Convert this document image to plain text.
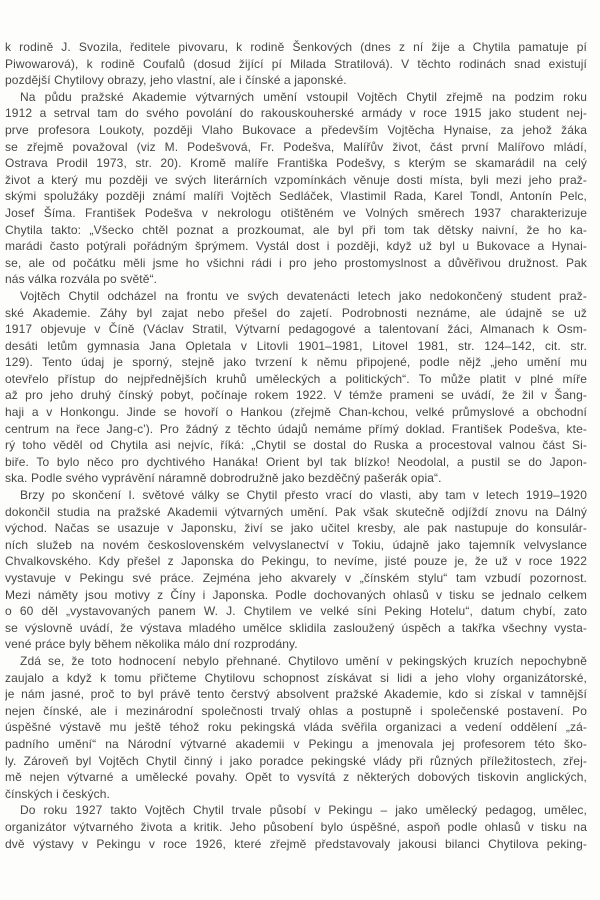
k rodině J. Svozila, ředitele pivovaru, k rodině Šenkových (dnes z ní žije a Chytila pamatuje pí
Piwowarová), k rodině Coufalů (dosud žijící pí Milada Stratilová). V těchto rodinách snad existují
pozdější Chytilovy obrazy, jeho vlastní, ale i čínské a japonské.
Na půdu pražské Akademie výtvarných umění vstoupil Vojtěch Chytil zřejmě na podzim roku
1912 a setrval tam do svého povolání do rakouskouherské armády v roce 1915 jako student nej-
prve profesora Loukoty, později Vlaho Bukovace a především Vojtěcha Hynaise, za jehož žáka
se zřejmě považoval (viz M. Podešvová, Fr. Podešva, Malířův život, část první Malířovo mládí,
Ostrava Prodil 1973, str. 20). Kromě malíře Františka Podešvy, s kterým se skamarádil na celý
život a který mu později ve svých literárních vzpomínkách věnuje dosti místa, byli mezi jeho praž-
skými spolužáky později známí malíři Vojtěch Sedláček, Vlastimil Rada, Karel Tondl, Antonín Pelc,
Josef Šíma. František Podešva v nekrologu otištěném ve Volných směrech 1937 charakterizuje
Chytila takto: „Všecko chtěl poznat a prozkoumat, ale byl při tom tak dětsky naivní, že ho ka-
marádi často potýrali pořádným šprýmem. Vystál dost i později, když už byl u Bukovace a Hynai-
se, ale od počátku měli jsme ho všichni rádi i pro jeho prostomyslnost a důvěřivou družnost. Pak
nás válka rozvála po světě“.
Vojtěch Chytil odcházel na frontu ve svých devatenácti letech jako nedokončený student praž-
ské Akademie. Záhy byl zajat nebo přešel do zajetí. Podrobnosti neznáme, ale údajně se už
1917 objevuje v Číně (Václav Stratil, Výtvarní pedagogové a talentovaní žáci, Almanach k Osm-
desáti letům gymnasia Jana Opletala v Litovli 1901–1981, Litovel 1981, str. 124–142, cit. str.
129). Tento údaj je sporný, stejně jako tvrzení k němu připojené, podle nějž „jeho umění mu
otevřelo přístup do nejpřednějších kruhů uměleckých a politických“. To může platit v plné míře
až pro jeho druhý čínský pobyt, počínaje rokem 1922. V témže prameni se uvádí, že žil v Šang-
haji a v Honkongu. Jinde se hovoří o Hankou (zřejmě Chan-kchou, velké průmyslové a obchodní
centrum na řece Jang-c'). Pro žádný z těchto údajů nemáme přímý doklad. František Podešva, kte-
rý toho věděl od Chytila asi nejvíc, říká: „Chytil se dostal do Ruska a procestoval valnou část Si-
biře. To bylo něco pro dychtivého Hanáka! Orient byl tak blízko! Neodolal, a pustil se do Japon-
ska. Podle svého vyprávění náramně dobrodružně jako bezděčný pašerák opia“.
Brzy po skončení I. světové války se Chytil přesto vrací do vlasti, aby tam v letech 1919–1920
dokončil studia na pražské Akademii výtvarných umění. Pak však skutečně odjíždí znovu na Dálný
východ. Načas se usazuje v Japonsku, živí se jako učitel kresby, ale pak nastupuje do konsulár-
ních služeb na novém československém velvyslanectví v Tokiu, údajně jako tajemník velvyslance
Chvalkovského. Kdy přešel z Japonska do Pekingu, to nevíme, jisté pouze je, že už v roce 1922
vystavuje v Pekingu své práce. Zejména jeho akvarely v „čínském stylu“ tam vzbudí pozornost.
Mezi náměty jsou motivy z Číny i Japonska. Podle dochovaných ohlasů v tisku se jednalo celkem
o 60 děl „vystavovaných panem W. J. Chytilem ve velké síni Peking Hotelu“, datum chybí, zato
se výslovně uvádí, že výstava mladého umělce sklidila zasloužený úspěch a takřka všechny vysta-
vené práce byly během několika málo dní rozprodány.
Zdá se, že toto hodnocení nebylo přehnané. Chytilovo umění v pekingských kruzích nepochybně
zaujalo a když k tomu přičteme Chytilovu schopnost získávat si lidi a jeho vlohy organizátorské,
je nám jasné, proč to byl právě tento čerstvý absolvent pražské Akademie, kdo si získal v tamnější
nejen čínské, ale i mezinárodní společnosti trvalý ohlas a postupně i společenské postavení. Po
úspěšné výstavě mu ještě téhož roku pekingská vláda svěřila organizaci a vedení oddělení „zá-
padního umění“ na Národní výtvarné akademii v Pekingu a jmenovala jej profesorem této ško-
ly. Zároveň byl Vojtěch Chytil činný i jako poradce pekingské vlády při různých příležitostech, zřej-
mě nejen výtvarné a umělecké povahy. Opět to vysvítá z některých dobových tiskovin anglických,
čínských i českých.
Do roku 1927 takto Vojtěch Chytil trvale působí v Pekingu – jako umělecký pedagog, umělec,
organizátor výtvarného života a kritik. Jeho působení bylo úspěšné, aspoň podle ohlasů v tisku na
dvě výstavy v Pekingu v roce 1926, které zřejmě představovaly jakousi bilanci Chytilova peking-
